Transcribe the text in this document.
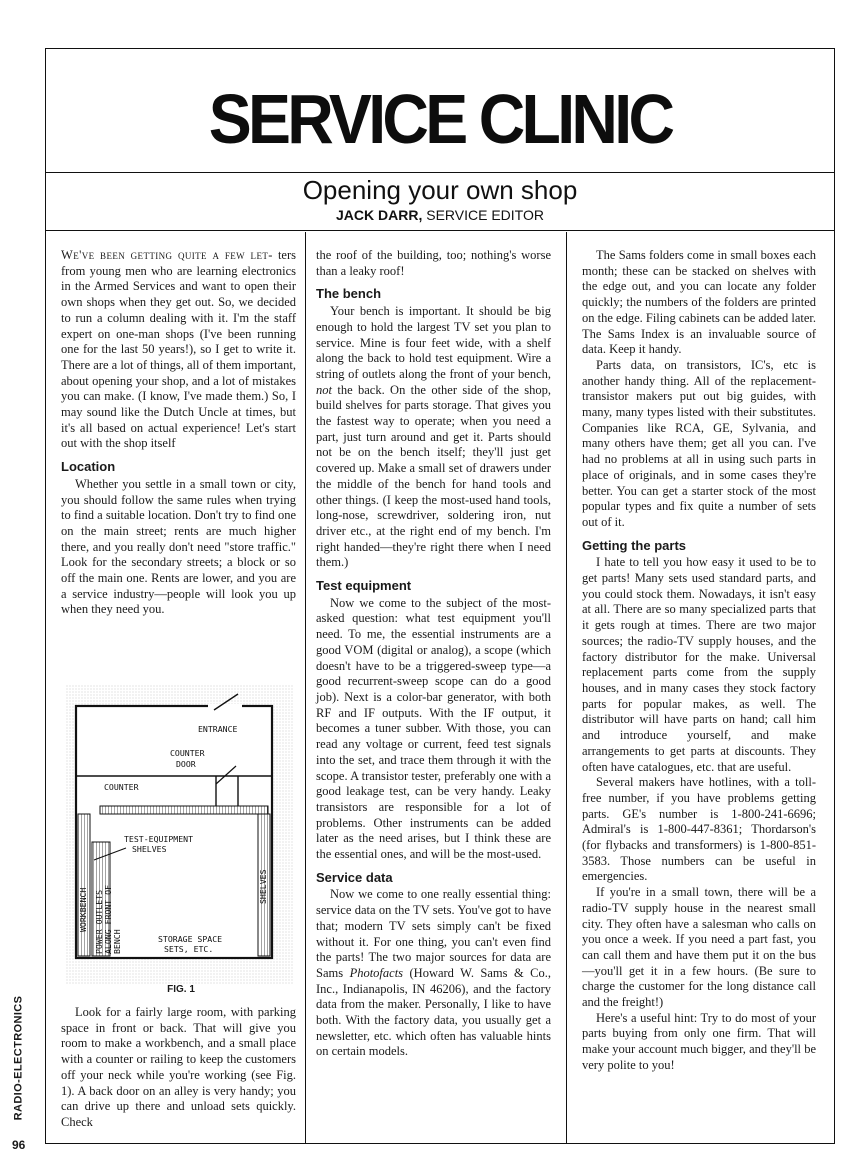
SERVICE CLINIC
Opening your own shop
JACK DARR, SERVICE EDITOR

We've been getting quite a few let- ters from young men who are learning electronics in the Armed Services and want to open their own shops when they get out. So, we decided to run a column dealing with it. I'm the staff expert on one-man shops (I've been running one for the last 50 years!), so I get to write it. There are a lot of things, all of them important, about opening your shop, and a lot of mistakes you can make. (I know, I've made them.) So, I may sound like the Dutch Uncle at times, but it's all based on actual experience! Let's start out with the shop itself

Location

Whether you settle in a small town or city, you should follow the same rules when trying to find a suitable location. Don't try to find one on the main street; rents are much higher there, and you really don't need "store traffic." Look for the secondary streets; a block or so off the main one. Rents are lower, and you are a service industry—people will look you up when they need you.

ENTRANCE
COUNTER
DOOR
COUNTER
TEST-EQUIPMENT
SHELVES
WORKBENCH POWER OUTLETS ALONG FRONT OF BENCH
SHELVES
STORAGE SPACE
SETS, ETC.
FIG. 1

Look for a fairly large room, with parking space in front or back. That will give you room to make a workbench, and a small place with a counter or railing to keep the customers off your neck while you're working (see Fig. 1). A back door on an alley is very handy; you can drive up there and unload sets quickly. Check

the roof of the building, too; nothing's worse than a leaky roof!

The bench

Your bench is important. It should be big enough to hold the largest TV set you plan to service. Mine is four feet wide, with a shelf along the back to hold test equipment. Wire a string of outlets along the front of your bench, not the back. On the other side of the shop, build shelves for parts storage. That gives you the fastest way to operate; when you need a part, just turn around and get it. Parts should not be on the bench itself; they'll just get covered up. Make a small set of drawers under the middle of the bench for hand tools and other things. (I keep the most-used hand tools, long-nose, screwdriver, soldering iron, nut driver etc., at the right end of my bench. I'm right handed—they're right there when I need them.)

Test equipment

Now we come to the subject of the most-asked question: what test equipment you'll need. To me, the essential instruments are a good VOM (digital or analog), a scope (which doesn't have to be a triggered-sweep type—a good recurrent-sweep scope can do a good job). Next is a color-bar generator, with both RF and IF outputs. With the IF output, it becomes a tuner subber. With those, you can read any voltage or current, feed test signals into the set, and trace them through it with the scope. A transistor tester, preferably one with a good leakage test, can be very handy. Leaky transistors are responsible for a lot of problems. Other instruments can be added later as the need arises, but I think these are the essential ones, and will be the most-used.

Service data

Now we come to one really essential thing: service data on the TV sets. You've got to have that; modern TV sets simply can't be fixed without it. For one thing, you can't even find the parts! The two major sources for data are Sams Photofacts (Howard W. Sams & Co., Inc., Indianapolis, IN 46206), and the factory data from the maker. Personally, I like to have both. With the factory data, you usually get a newsletter, etc. which often has valuable hints on certain models.

The Sams folders come in small boxes each month; these can be stacked on shelves with the edge out, and you can locate any folder quickly; the numbers of the folders are printed on the edge. Filing cabinets can be added later. The Sams Index is an invaluable source of data. Keep it handy.

Parts data, on transistors, IC's, etc is another handy thing. All of the replacement-transistor makers put out big guides, with many, many types listed with their substitutes. Companies like RCA, GE, Sylvania, and many others have them; get all you can. I've had no problems at all in using such parts in place of originals, and in some cases they're better. You can get a starter stock of the most popular types and fix quite a number of sets out of it.

Getting the parts

I hate to tell you how easy it used to be to get parts! Many sets used standard parts, and you could stock them. Nowadays, it isn't easy at all. There are so many specialized parts that it gets rough at times. There are two major sources; the radio-TV supply houses, and the factory distributor for the make. Universal replacement parts come from the supply houses, and in many cases they stock factory parts for popular makes, as well. The distributor will have parts on hand; call him and introduce yourself, and make arrangements to get parts at discounts. They often have catalogues, etc. that are useful.

Several makers have hotlines, with a toll-free number, if you have problems getting parts. GE's number is 1-800-241-6696; Admiral's is 1-800-447-8361; Thordarson's (for flybacks and transformers) is 1-800-851-3583. Those numbers can be useful in emergencies.

If you're in a small town, there will be a radio-TV supply house in the nearest small city. They often have a salesman who calls on you once a week. If you need a part fast, you can call them and have them put it on the bus—you'll get it in a few hours. (Be sure to charge the customer for the long distance call and the freight!)

Here's a useful hint: Try to do most of your parts buying from only one firm. That will make your account much bigger, and they'll be very polite to you!

RADIO-ELECTRONICS
96
